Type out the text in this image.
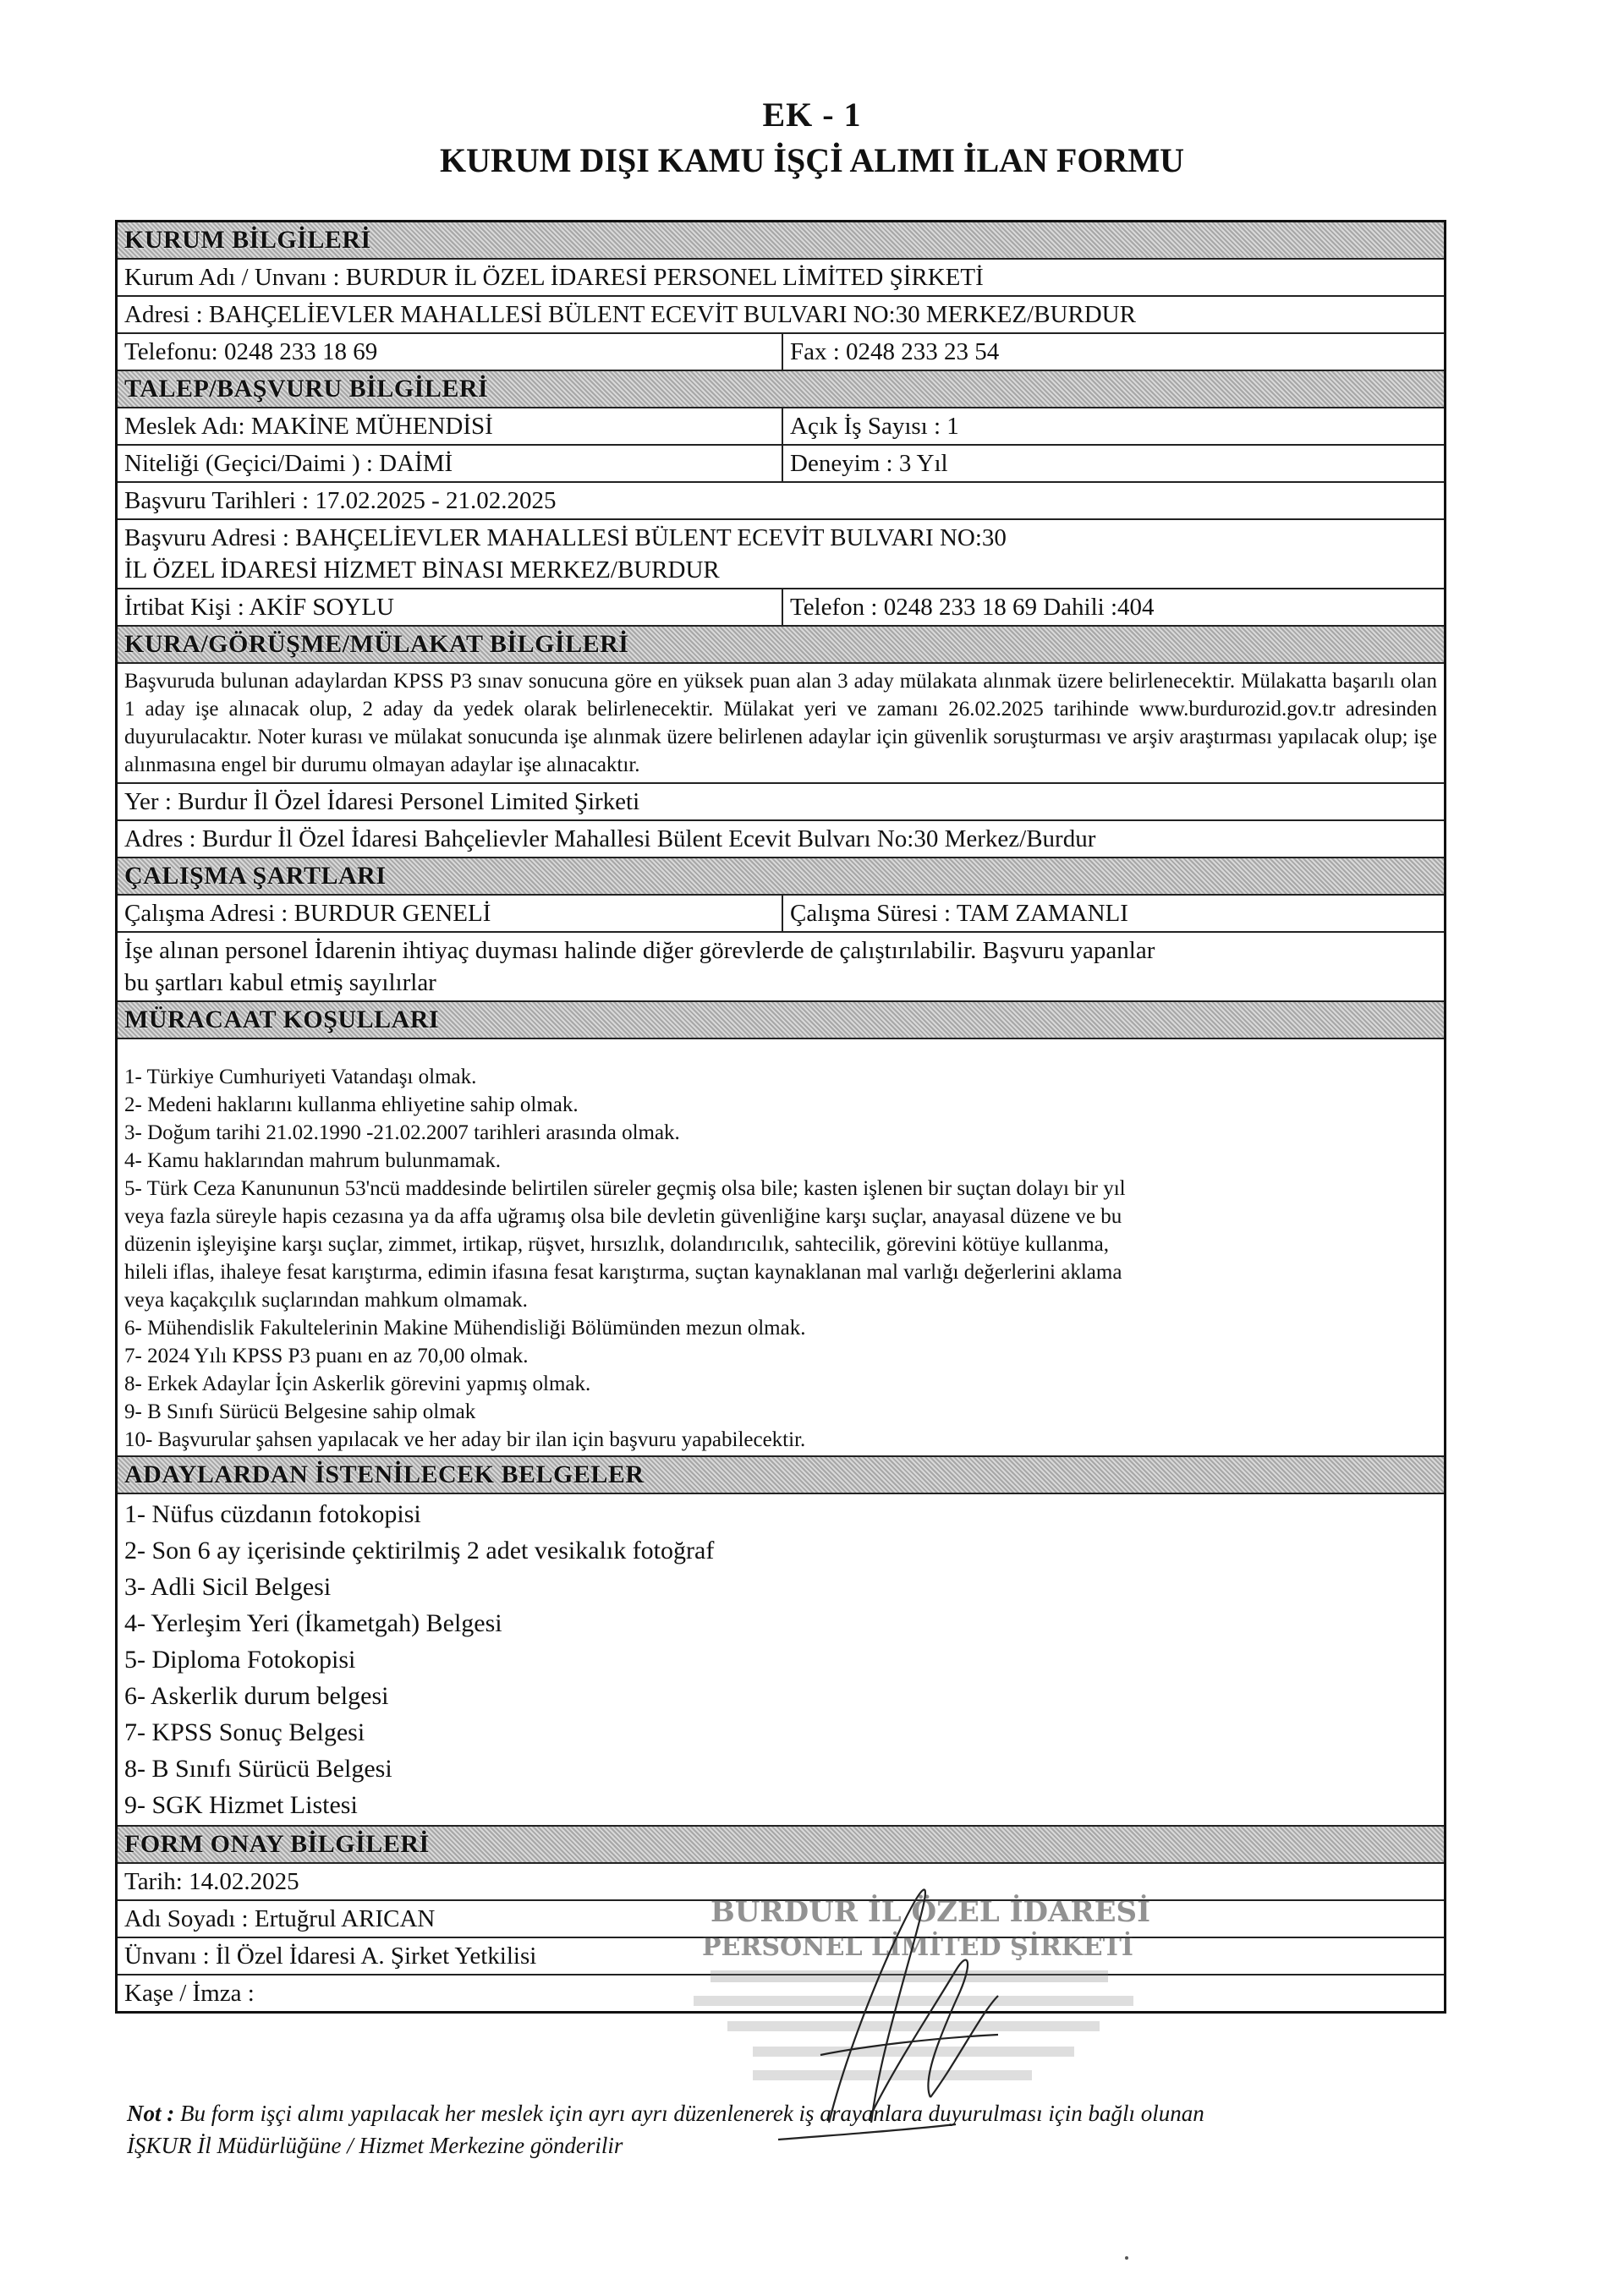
EK - 1
KURUM DIŞI KAMU İŞÇİ ALIMI İLAN FORMU
KURUM BİLGİLERİ
Kurum Adı / Unvanı : BURDUR İL ÖZEL İDARESİ PERSONEL LİMİTED ŞİRKETİ
Adresi : BAHÇELİEVLER MAHALLESİ BÜLENT ECEVİT BULVARI NO:30 MERKEZ/BURDUR
Telefonu: 0248 233 18 69	Fax : 0248 233 23 54
TALEP/BAŞVURU BİLGİLERİ
Meslek Adı: MAKİNE MÜHENDİSİ	Açık İş Sayısı : 1
Niteliği (Geçici/Daimi ) : DAİMİ	Deneyim : 3 Yıl
Başvuru Tarihleri : 17.02.2025 - 21.02.2025
Başvuru Adresi : BAHÇELİEVLER MAHALLESİ BÜLENT ECEVİT BULVARI NO:30
İL ÖZEL İDARESİ HİZMET BİNASI MERKEZ/BURDUR
İrtibat Kişi : AKİF SOYLU	Telefon : 0248 233 18 69 Dahili :404
KURA/GÖRÜŞME/MÜLAKAT BİLGİLERİ
Başvuruda bulunan adaylardan KPSS P3 sınav sonucuna göre en yüksek puan alan 3 aday mülakata alınmak üzere belirlenecektir. Mülakatta başarılı olan 1 aday işe alınacak olup, 2 aday da yedek olarak belirlenecektir. Mülakat yeri ve zamanı 26.02.2025 tarihinde www.burdurozid.gov.tr adresinden duyurulacaktır. Noter kurası ve mülakat sonucunda işe alınmak üzere belirlenen adaylar için güvenlik soruşturması ve arşiv araştırması yapılacak olup; işe alınmasına engel bir durumu olmayan adaylar işe alınacaktır.
Yer : Burdur İl Özel İdaresi Personel Limited Şirketi
Adres : Burdur İl Özel İdaresi Bahçelievler Mahallesi Bülent Ecevit Bulvarı No:30 Merkez/Burdur
ÇALIŞMA ŞARTLARI
Çalışma Adresi : BURDUR GENELİ	Çalışma Süresi : TAM ZAMANLI
İşe alınan personel İdarenin ihtiyaç duyması halinde diğer görevlerde de çalıştırılabilir. Başvuru yapanlar
bu şartları kabul etmiş sayılırlar
MÜRACAAT KOŞULLARI
1- Türkiye Cumhuriyeti Vatandaşı olmak.
2- Medeni haklarını kullanma ehliyetine sahip olmak.
3- Doğum tarihi 21.02.1990 -21.02.2007 tarihleri arasında olmak.
4- Kamu haklarından mahrum bulunmamak.
5- Türk Ceza Kanununun 53'ncü maddesinde belirtilen süreler geçmiş olsa bile; kasten işlenen bir suçtan dolayı bir yıl
veya fazla süreyle hapis cezasına ya da affa uğramış olsa bile devletin güvenliğine karşı suçlar, anayasal düzene ve bu
düzenin işleyişine karşı suçlar, zimmet, irtikap, rüşvet, hırsızlık, dolandırıcılık, sahtecilik, görevini kötüye kullanma,
hileli iflas, ihaleye fesat karıştırma, edimin ifasına fesat karıştırma, suçtan kaynaklanan mal varlığı değerlerini aklama
veya kaçakçılık suçlarından mahkum olmamak.
6- Mühendislik Fakultelerinin Makine Mühendisliği Bölümünden mezun olmak.
7- 2024 Yılı KPSS P3 puanı en az 70,00 olmak.
8- Erkek Adaylar İçin Askerlik görevini yapmış olmak.
9- B Sınıfı Sürücü Belgesine sahip olmak
10- Başvurular şahsen yapılacak ve her aday bir ilan için başvuru yapabilecektir.
ADAYLARDAN İSTENİLECEK BELGELER
1- Nüfus cüzdanın fotokopisi
2- Son 6 ay içerisinde çektirilmiş 2 adet vesikalık fotoğraf
3- Adli Sicil Belgesi
4- Yerleşim Yeri (İkametgah) Belgesi
5- Diploma Fotokopisi
6- Askerlik durum belgesi
7- KPSS Sonuç Belgesi
8- B Sınıfı Sürücü Belgesi
9- SGK Hizmet Listesi
FORM ONAY BİLGİLERİ
Tarih: 14.02.2025
Adı Soyadı : Ertuğrul ARICAN
Ünvanı : İl Özel İdaresi A. Şirket Yetkilisi
Kaşe / İmza :
BURDUR İL ÖZEL İDARESİ
PERSONEL LİMİTED ŞİRKETİ
Not : Bu form işçi alımı yapılacak her meslek için ayrı ayrı düzenlenerek iş arayanlara duyurulması için bağlı olunan
İŞKUR İl Müdürlüğüne / Hizmet Merkezine gönderilir
